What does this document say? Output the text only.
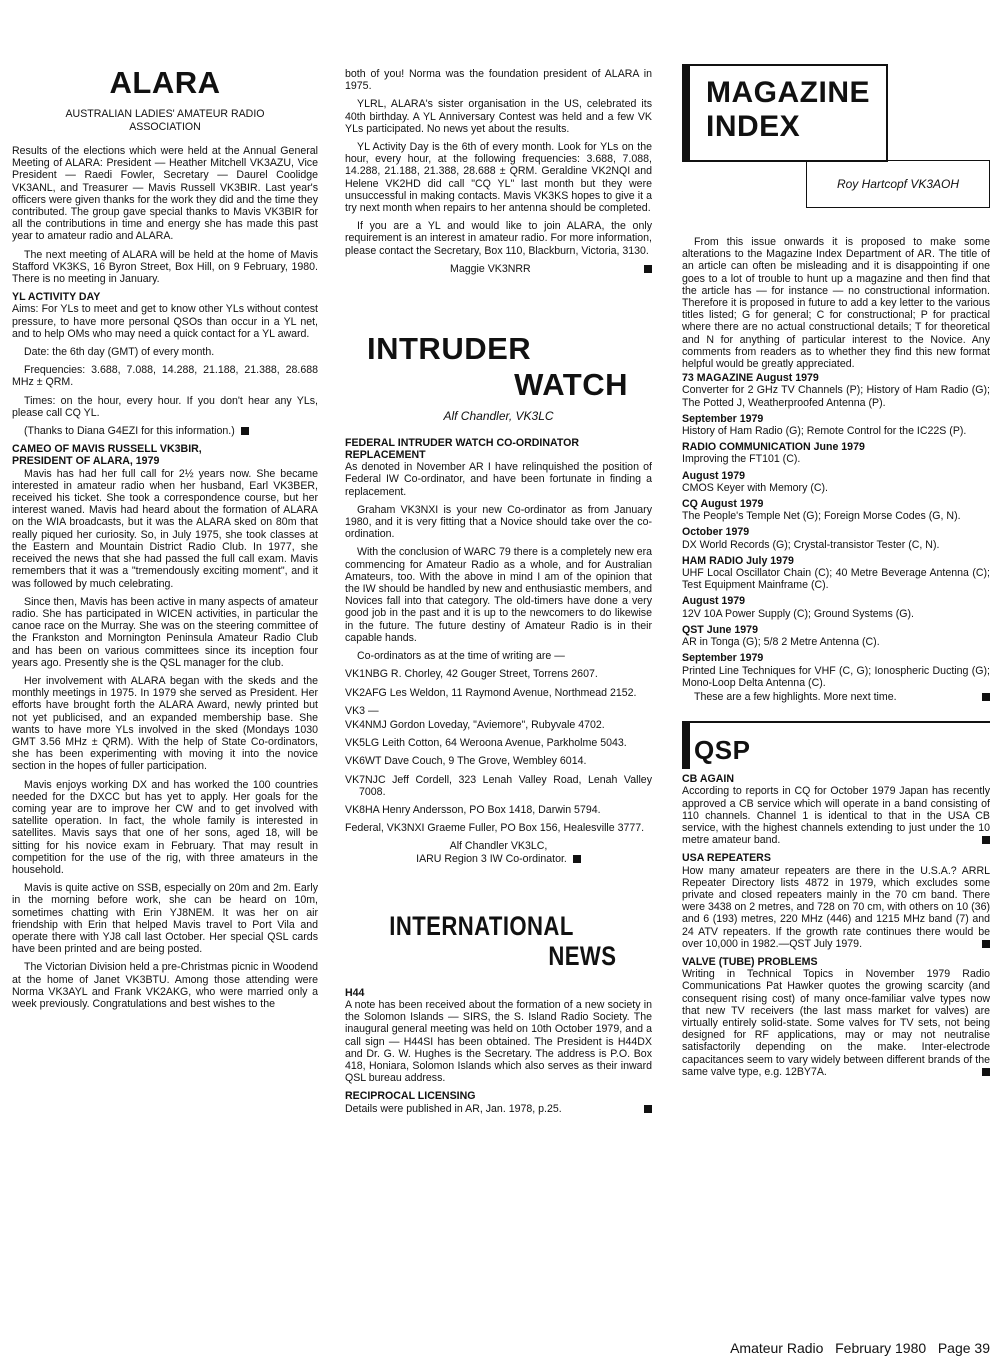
ALARA
AUSTRALIAN LADIES' AMATEUR RADIO
ASSOCIATION

Results of the elections which were held at the Annual General Meeting of ALARA: President — Heather Mitchell VK3AZU, Vice President — Raedi Fowler, Secretary — Daurel Coolidge VK3ANL, and Treasurer — Mavis Russell VK3BIR. Last year's officers were given thanks for the work they did and the time they contributed. The group gave special thanks to Mavis VK3BIR for all the contributions in time and energy she has made this past year to amateur radio and ALARA.

The next meeting of ALARA will be held at the home of Mavis Stafford VK3KS, 16 Byron Street, Box Hill, on 9 February, 1980. There is no meeting in January.

YL ACTIVITY DAY

Aims: For YLs to meet and get to know other YLs without contest pressure, to have more personal QSOs than occur in a YL net, and to help OMs who may need a quick contact for a YL award.

Date: the 6th day (GMT) of every month.

Frequencies: 3.688, 7.088, 14.288, 21.188, 21.388, 28.688 MHz ± QRM.

Times: on the hour, every hour. If you don't hear any YLs, please call CQ YL.

(Thanks to Diana G4EZI for this information.)

CAMEO OF MAVIS RUSSELL VK3BIR,
PRESIDENT OF ALARA, 1979

Mavis has had her full call for 2½ years now. She became interested in amateur radio when her husband, Earl VK3BER, received his ticket. She took a correspondence course, but her interest waned. Mavis had heard about the formation of ALARA on the WIA broadcasts, but it was the ALARA sked on 80m that really piqued her curiosity. So, in July 1975, she took classes at the Eastern and Mountain District Radio Club. In 1977, she received the news that she had passed the full call exam. Mavis remembers that it was a "tremendously exciting moment", and it was followed by much celebrating.

Since then, Mavis has been active in many aspects of amateur radio. She has participated in WICEN activities, in particular the canoe race on the Murray. She was on the steering committee of the Frankston and Mornington Peninsula Amateur Radio Club and has been on various committees since its inception four years ago. Presently she is the QSL manager for the club.

Her involvement with ALARA began with the skeds and the monthly meetings in 1975. In 1979 she served as President. Her efforts have brought forth the ALARA Award, newly printed but not yet publicised, and an expanded membership base. She wants to have more YLs involved in the sked (Mondays 1030 GMT 3.56 MHz ± QRM). With the help of State Co-ordinators, she has been experimenting with moving it into the novice section in the hopes of fuller participation.

Mavis enjoys working DX and has worked the 100 countries needed for the DXCC but has yet to apply. Her goals for the coming year are to improve her CW and to get involved with satellite operation. In fact, the whole family is interested in satellites. Mavis says that one of her sons, aged 18, will be sitting for his novice exam in February. That may result in competition for the use of the rig, with three amateurs in the household.

Mavis is quite active on SSB, especially on 20m and 2m. Early in the morning before work, she can be heard on 10m, sometimes chatting with Erin YJ8NEM. It was her on air friendship with Erin that helped Mavis travel to Port Vila and operate there with YJ8 call last October. Her special QSL cards have been printed and are being posted.

The Victorian Division held a pre-Christmas picnic in Woodend at the home of Janet VK3BTU. Among those attending were Norma VK3AYL and Frank VK2AKG, who were married only a week previously. Congratulations and best wishes to the

both of you! Norma was the foundation president of ALARA in 1975.

YLRL, ALARA's sister organisation in the US, celebrated its 40th birthday. A YL Anniversary Contest was held and a few VK YLs participated. No news yet about the results.

YL Activity Day is the 6th of every month. Look for YLs on the hour, every hour, at the following frequencies: 3.688, 7.088, 14.288, 21.188, 21.388, 28.688 ± QRM. Geraldine VK2NQI and Helene VK2HD did call "CQ YL" last month but they were unsuccessful in making contacts. Mavis VK3KS hopes to give it a try next month when repairs to her antenna should be completed.

If you are a YL and would like to join ALARA, the only requirement is an interest in amateur radio. For more information, please contact the Secretary, Box 110, Blackburn, Victoria, 3130.

Maggie VK3NRR
INTRUDER
WATCH
Alf Chandler, VK3LC
FEDERAL INTRUDER WATCH CO-ORDINATOR
REPLACEMENT

As denoted in November AR I have relinquished the position of Federal IW Co-ordinator, and have been fortunate in finding a replacement.

Graham VK3NXI is your new Co-ordinator as from January 1980, and it is very fitting that a Novice should take over the co-ordination.

With the conclusion of WARC 79 there is a completely new era commencing for Amateur Radio as a whole, and for Australian Amateurs, too. With the above in mind I am of the opinion that the IW should be handled by new and enthusiastic members, and Novices fall into that category. The old-timers have done a very good job in the past and it is up to the newcomers to do likewise in the future. The future destiny of Amateur Radio is in their capable hands.

Co-ordinators as at the time of writing are —

VK1NBG R. Chorley, 42 Gouger Street, Torrens 2607.

VK2AFG Les Weldon, 11 Raymond Avenue, Northmead 2152.

VK3 —

VK4NMJ Gordon Loveday, "Aviemore", Rubyvale 4702.

VK5LG Leith Cotton, 64 Weroona Avenue, Parkholme 5043.

VK6WT Dave Couch, 9 The Grove, Wembley 6014.

VK7NJC Jeff Cordell, 323 Lenah Valley Road, Lenah Valley 7008.

VK8HA Henry Andersson, PO Box 1418, Darwin 5794.

Federal, VK3NXI Graeme Fuller, PO Box 156, Healesville 3777.

Alf Chandler VK3LC,

IARU Region 3 IW Co-ordinator.

INTERNATIONAL
NEWS
H44

A note has been received about the formation of a new society in the Solomon Islands — SIRS, the S. Island Radio Society. The inaugural general meeting was held on 10th October 1979, and a call sign — H44SI has been obtained. The President is H44DX and Dr. G. W. Hughes is the Secretary. The address is P.O. Box 418, Honiara, Solomon Islands which also serves as their inward QSL bureau address.

RECIPROCAL LICENSING

Details were published in AR, Jan. 1978, p.25.

MAGAZINE
INDEX
Roy Hartcopf VK3AOH

From this issue onwards it is proposed to make some alterations to the Magazine Index Department of AR. The title of an article can often be misleading and it is disappointing if one goes to a lot of trouble to hunt up a magazine and then find that the article has — for instance — no constructional information. Therefore it is proposed in future to add a key letter to the various titles listed; G for general; C for constructional; P for practical where there are no actual constructional details; T for theoretical and N for anything of particular interest to the Novice. Any comments from readers as to whether they find this new format helpful would be greatly appreciated.

73 MAGAZINE August 1979

Converter for 2 GHz TV Channels (P); History of Ham Radio (G); The Potted J, Weatherproofed Antenna (P).

September 1979

History of Ham Radio (G); Remote Control for the IC22S (P).

RADIO COMMUNICATION June 1979

Improving the FT101 (C).

August 1979

CMOS Keyer with Memory (C).

CQ August 1979

The People's Temple Net (G); Foreign Morse Codes (G, N).

October 1979

DX World Records (G); Crystal-transistor Tester (C, N).

HAM RADIO July 1979

UHF Local Oscillator Chain (C); 40 Metre Beverage Antenna (C); Test Equipment Mainframe (C).

August 1979

12V 10A Power Supply (C); Ground Systems (G).

QST June 1979

AR in Tonga (G); 5/8 2 Metre Antenna (C).

September 1979

Printed Line Techniques for VHF (C, G); Ionospheric Ducting (G); Mono-Loop Delta Antenna (C).

These are a few highlights. More next time.

QSP
CB AGAIN

According to reports in CQ for October 1979 Japan has recently approved a CB service which will operate in a band consisting of 110 channels. Channel 1 is identical to that in the USA CB service, with the highest channels extending to just under the 10 metre amateur band.

USA REPEATERS

How many amateur repeaters are there in the U.S.A.? ARRL Repeater Directory lists 4872 in 1979, which excludes some private and closed repeaters mainly in the 70 cm band. There were 3438 on 2 metres, and 728 on 70 cm, with others on 10 (36) and 6 (193) metres, 220 MHz (446) and 1215 MHz band (7) and 24 ATV repeaters. If the growth rate continues there would be over 10,000 in 1982.—QST July 1979.

VALVE (TUBE) PROBLEMS

Writing in Technical Topics in November 1979 Radio Communications Pat Hawker quotes the growing scarcity (and consequent rising cost) of many once-familiar valve types now that new TV receivers (the last mass market for valves) are virtually entirely solid-state. Some valves for TV sets, not being designed for RF applications, may or may not neutralise satisfactorily depending on the make. Inter-electrode capacitances seem to vary widely between different brands of the same valve type, e.g. 12BY7A.

Amateur Radio   February 1980   Page 39
